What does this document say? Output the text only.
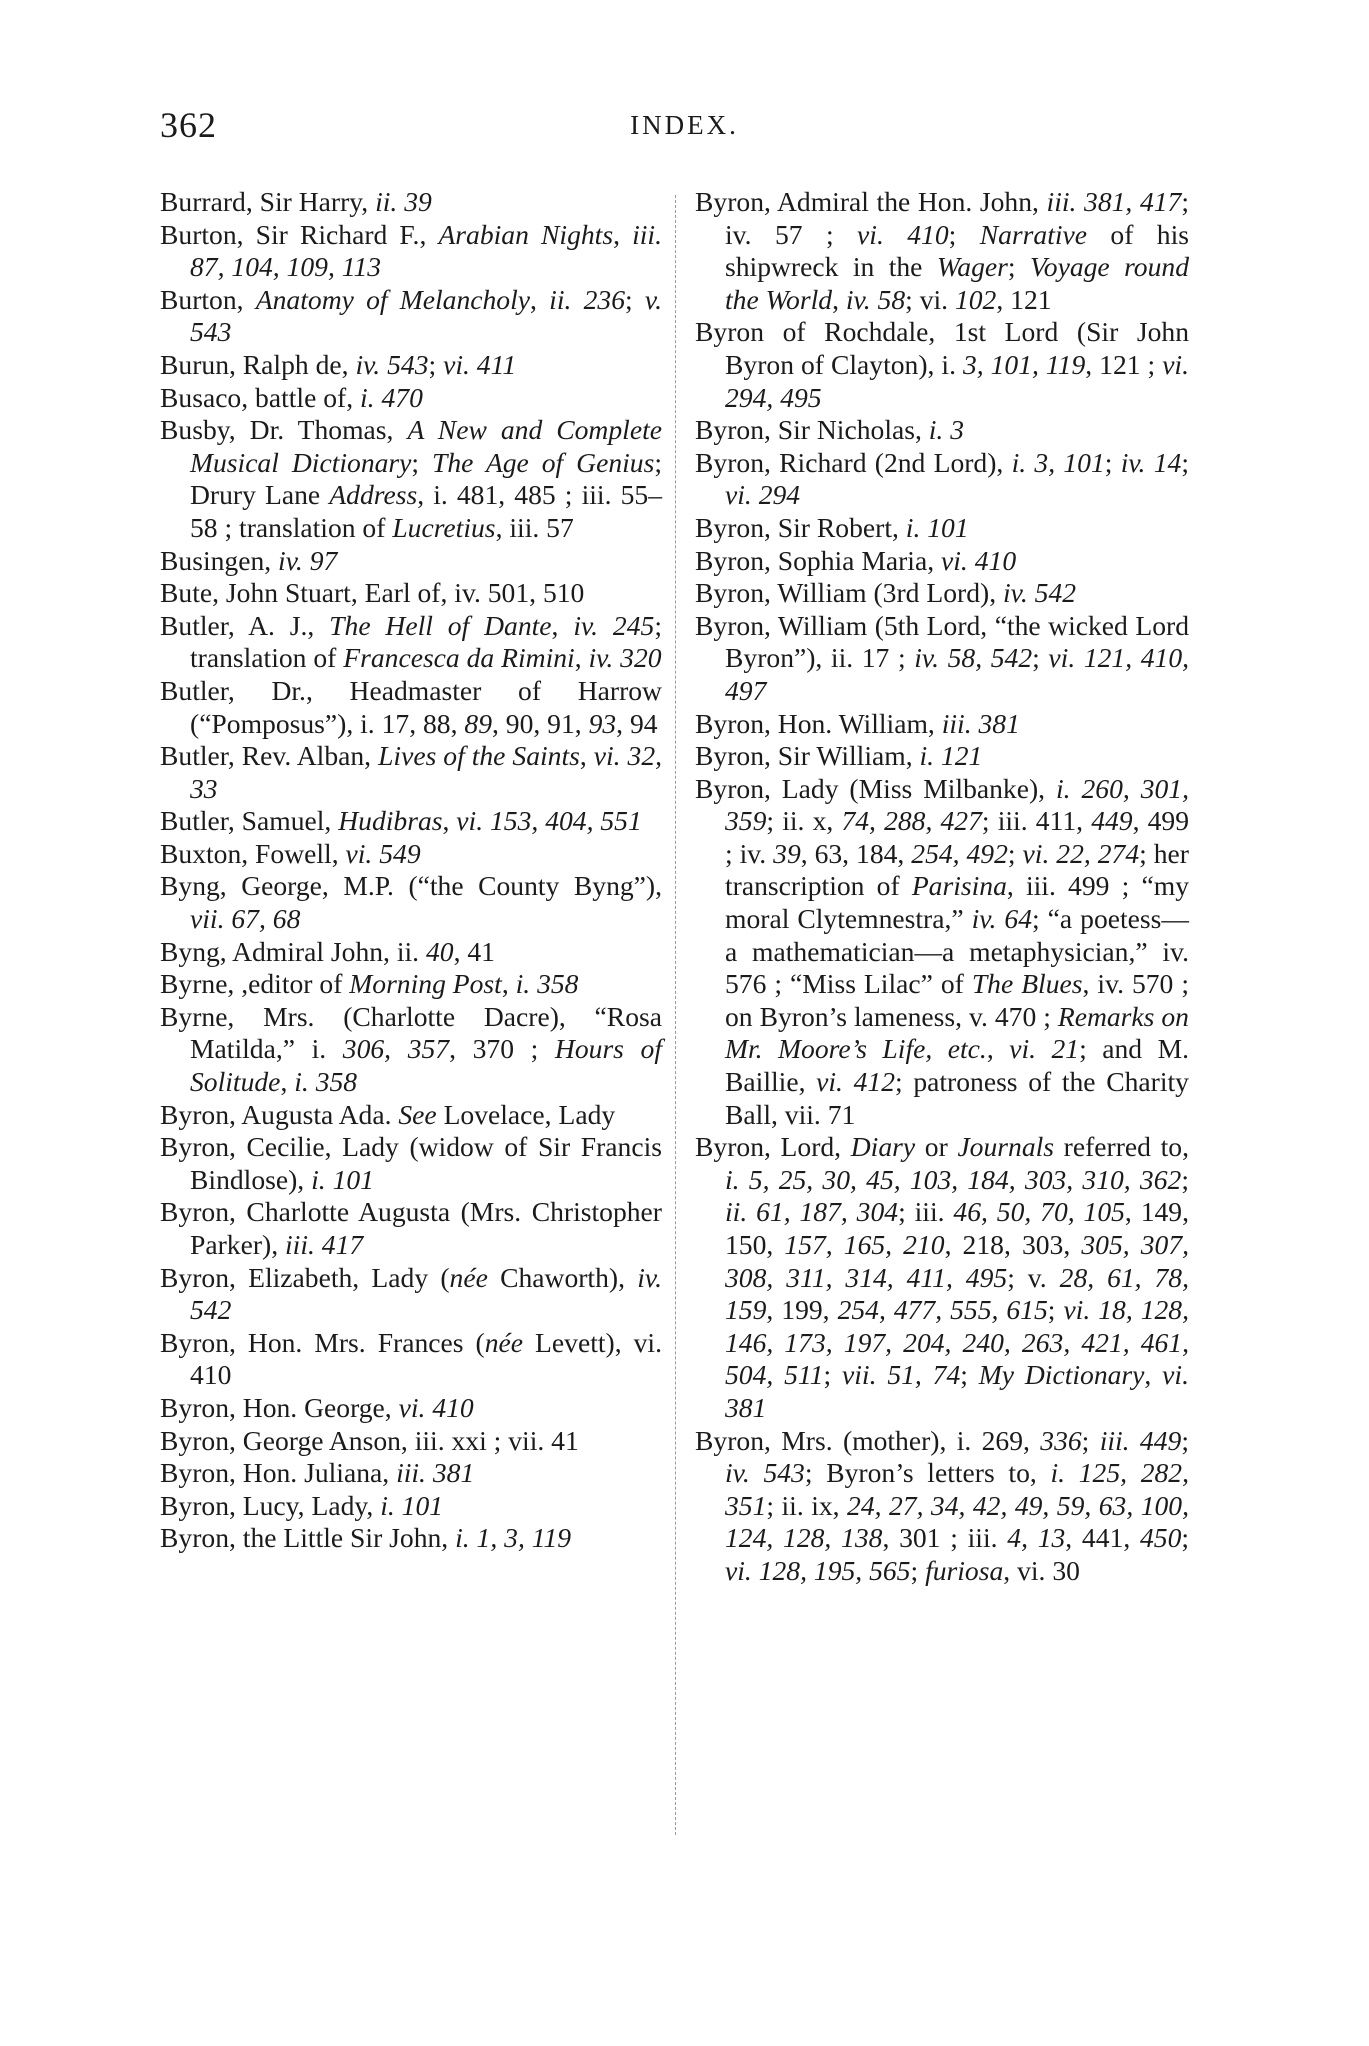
362	INDEX.
Burrard, Sir Harry, ii. 39
Burton, Sir Richard F., Arabian Nights, iii. 87, 104, 109, 113
Burton, Anatomy of Melancholy, ii. 236; v. 543
Burun, Ralph de, iv. 543; vi. 411
Busaco, battle of, i. 470
Busby, Dr. Thomas, A New and Complete Musical Dictionary; The Age of Genius; Drury Lane Address, i. 481, 485 ; iii. 55–58 ; translation of Lucretius, iii. 57
Busingen, iv. 97
Bute, John Stuart, Earl of, iv. 501, 510
Butler, A. J., The Hell of Dante, iv. 245; translation of Francesca da Rimini, iv. 320
Butler, Dr., Headmaster of Harrow (“Pomposus”), i. 17, 88, 89, 90, 91, 93, 94
Butler, Rev. Alban, Lives of the Saints, vi. 32, 33
Butler, Samuel, Hudibras, vi. 153, 404, 551
Buxton, Fowell, vi. 549
Byng, George, M.P. (“the County Byng”), vii. 67, 68
Byng, Admiral John, ii. 40, 41
Byrne, ,editor of Morning Post, i. 358
Byrne, Mrs. (Charlotte Dacre), “Rosa Matilda,” i. 306, 357, 370 ; Hours of Solitude, i. 358
Byron, Augusta Ada. See Lovelace, Lady
Byron, Cecilie, Lady (widow of Sir Francis Bindlose), i. 101
Byron, Charlotte Augusta (Mrs. Christopher Parker), iii. 417
Byron, Elizabeth, Lady (née Chaworth), iv. 542
Byron, Hon. Mrs. Frances (née Levett), vi. 410
Byron, Hon. George, vi. 410
Byron, George Anson, iii. xxi ; vii. 41
Byron, Hon. Juliana, iii. 381
Byron, Lucy, Lady, i. 101
Byron, the Little Sir John, i. 1, 3, 119
Byron, Admiral the Hon. John, iii. 381, 417; iv. 57 ; vi. 410; Narrative of his shipwreck in the Wager; Voyage round the World, iv. 58; vi. 102, 121
Byron of Rochdale, 1st Lord (Sir John Byron of Clayton), i. 3, 101, 119, 121 ; vi. 294, 495
Byron, Sir Nicholas, i. 3
Byron, Richard (2nd Lord), i. 3, 101; iv. 14; vi. 294
Byron, Sir Robert, i. 101
Byron, Sophia Maria, vi. 410
Byron, William (3rd Lord), iv. 542
Byron, William (5th Lord, “the wicked Lord Byron”), ii. 17 ; iv. 58, 542; vi. 121, 410, 497
Byron, Hon. William, iii. 381
Byron, Sir William, i. 121
Byron, Lady (Miss Milbanke), i. 260, 301, 359; ii. x, 74, 288, 427; iii. 411, 449, 499 ; iv. 39, 63, 184, 254, 492; vi. 22, 274; her transcription of Parisina, iii. 499 ; “my moral Clytemnestra,” iv. 64; “a poetess—a mathematician—a metaphysician,” iv. 576 ; “Miss Lilac” of The Blues, iv. 570 ; on Byron’s lameness, v. 470 ; Remarks on Mr. Moore’s Life, etc., vi. 21; and M. Baillie, vi. 412; patroness of the Charity Ball, vii. 71
Byron, Lord, Diary or Journals referred to, i. 5, 25, 30, 45, 103, 184, 303, 310, 362; ii. 61, 187, 304; iii. 46, 50, 70, 105, 149, 150, 157, 165, 210, 218, 303, 305, 307, 308, 311, 314, 411, 495; v. 28, 61, 78, 159, 199, 254, 477, 555, 615; vi. 18, 128, 146, 173, 197, 204, 240, 263, 421, 461, 504, 511; vii. 51, 74; My Dictionary, vi. 381
Byron, Mrs. (mother), i. 269, 336; iii. 449; iv. 543; Byron’s letters to, i. 125, 282, 351; ii. ix, 24, 27, 34, 42, 49, 59, 63, 100, 124, 128, 138, 301 ; iii. 4, 13, 441, 450; vi. 128, 195, 565; furiosa, vi. 30
